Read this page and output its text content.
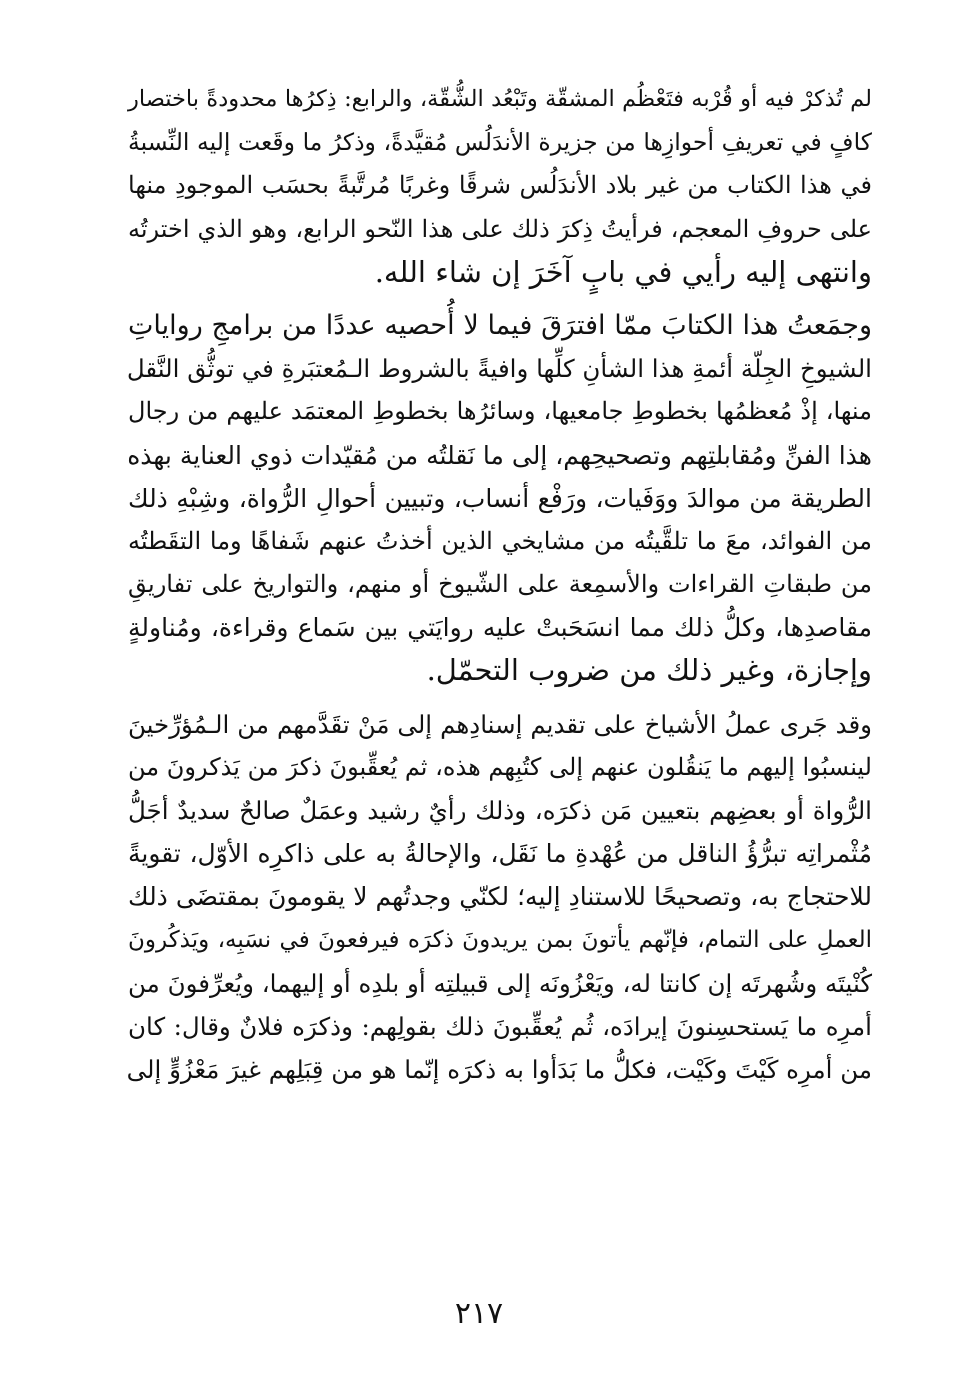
لم تُذكرْ فيه أو قُرْبه فتَعْظُم المشقّة وتَبْعُد الشُّقّة، والرابع: ذِكرُها محدودةً باختصار
كافٍ في تعريفِ أحوازِها من جزيرة الأندَلُس مُقيَّدةً، وذكرُ ما وقَعت إليه النِّسبةُ
في هذا الكتاب من غير بلاد الأندَلُس شرقًا وغربًا مُرتَّبةً بحسَب الموجودِ منها
على حروفِ المعجم، فرأيتُ ذِكرَ ذلك على هذا النّحو الرابع، وهو الذي اخترتُه
وانتهى إليه رأيي في بابٍ آخَرَ إن شاء الله.
وجمَعتُ هذا الكتابَ ممّا افترَقَ فيما لا أُحصيه عددًا من برامجِ رواياتِ
الشيوخِ الجِلّة أئمةِ هذا الشأنِ كلِّها وافيةً بالشروط الـمُعتبَرةِ في توثُّق النَّقل
منها، إذْ مُعظمُها بخطوطِ جامعيها، وسائرُها بخطوطِ المعتمَد عليهم من رجال
هذا الفنِّ ومُقابلتِهم وتصحيحِهم، إلى ما نَقلتُه من مُقيّدات ذوي العناية بهذه
الطريقة من موالدَ ووَفَيات، ورَفْع أنساب، وتبيين أحوالِ الرُّواة، وشِبْهِ ذلك
من الفوائد، معَ ما تلقَّيتُه من مشايخي الذين أخذتُ عنهم شَفاهًا وما التقَطتُه
من طبقاتِ القراءات والأسمِعة على الشّيوخ أو منهم، والتواريخ على تفاريقِ
مقاصدِها، وكلُّ ذلك مما انسَحَبتْ عليه روايَتي بين سَماع وقراءة، ومُناولةٍ
وإجازة، وغير ذلك من ضروب التحمّل.
وقد جَرى عملُ الأشياخ على تقديم إسنادِهم إلى مَنْ تقَدَّمهم من الـمُؤرِّخينَ
لينسبُوا إليهم ما يَنقُلون عنهم إلى كتُبِهم هذه، ثم يُعقِّبونَ ذكرَ من يَذكرونَ من
الرُّواة أو بعضِهم بتعيين مَن ذكرَه، وذلك رأيٌ رشيد وعمَلٌ صالحٌ سديدٌ أجَلُّ
مُثْمراتِه تبرُّؤُ الناقل من عُهْدةِ ما نَقَل، والإحالةُ به على ذاكرِه الأوّل، تقويةً
للاحتجاج به، وتصحيحًا للاستنادِ إليه؛ لكنّي وجدتُهم لا يقومونَ بمقتضَى ذلك
العملِ على التمام، فإنّهم يأتونَ بمن يريدونَ ذكرَه فيرفعونَ في نسَبِه، ويَذكُرونَ
كُنْيتَه وشُهرتَه إن كانتا له، ويَعْزُونَه إلى قبيلتِه أو بلدِه أو إليهما، ويُعرِّفونَ من
أمرِه ما يَستحسِنونَ إيرادَه، ثُم يُعقِّبونَ ذلك بقولِهم: وذكرَه فلانٌ وقال: كان
من أمرِه كَيْتَ وكَيْت، فكلُّ ما بَدَأوا به ذكرَه إنّما هو من قِبَلِهم غيرَ مَعْزُوٍّ إلى
٢١٧
